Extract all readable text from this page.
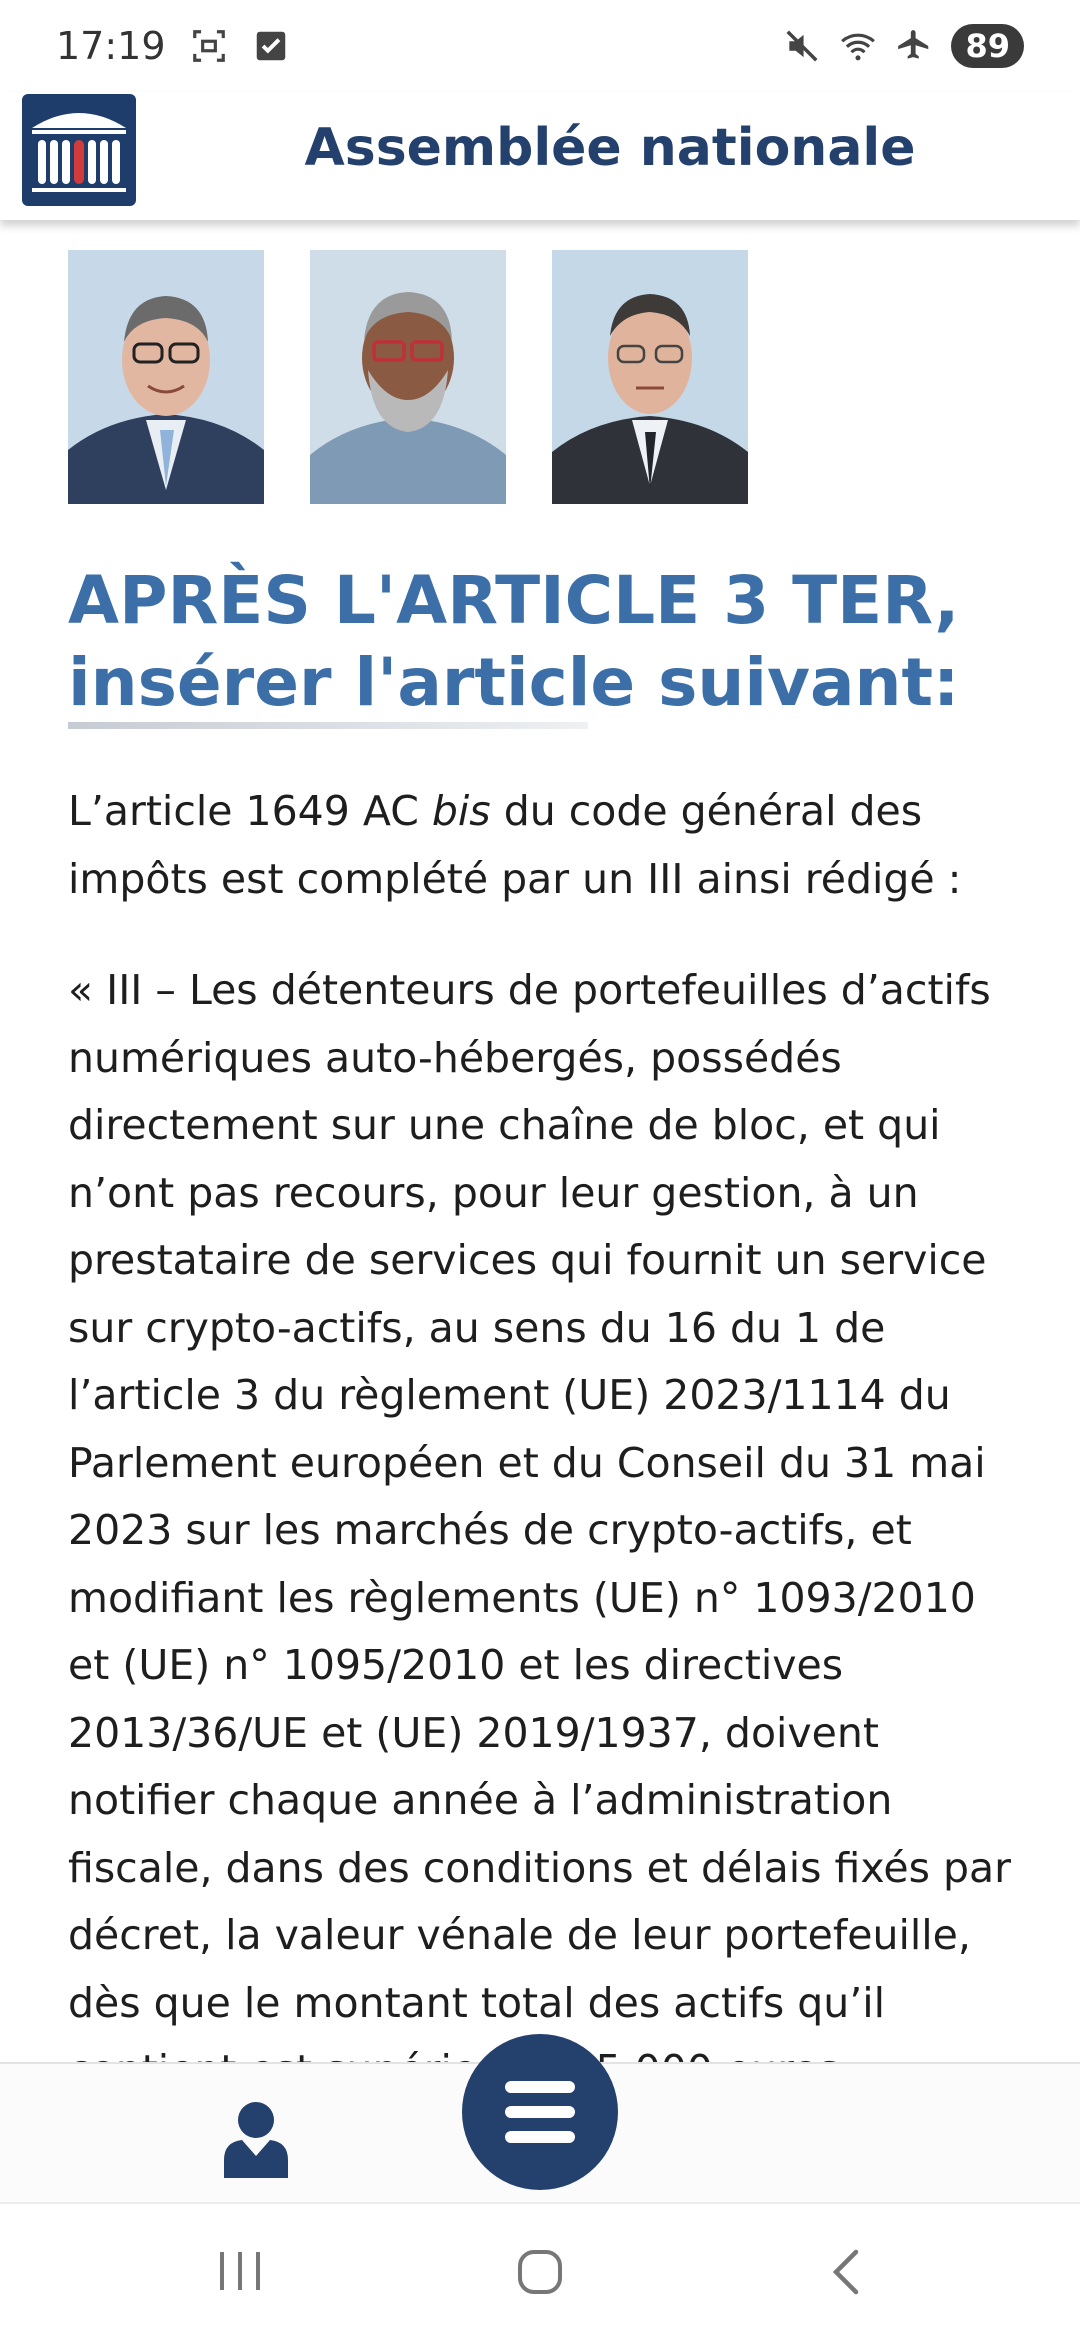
17:19	89
Assemblée nationale
APRÈS L'ARTICLE 3 TER,
insérer l'article suivant:

L’article 1649 AC bis du code général des impôts est complété par un III ainsi rédigé :

« III – Les détenteurs de portefeuilles d’actifs numériques auto-hébergés, possédés directement sur une chaîne de bloc, et qui n’ont pas recours, pour leur gestion, à un prestataire de services qui fournit un service sur crypto-actifs, au sens du 16 du 1 de l’article 3 du règlement (UE) 2023/1114 du Parlement européen et du Conseil du 31 mai 2023 sur les marchés de crypto-actifs, et modifiant les règlements (UE) n° 1093/2010 et (UE) n° 1095/2010 et les directives 2013/36/UE et (UE) 2019/1937, doivent notifier chaque année à l’administration fiscale, dans des conditions et délais fixés par décret, la valeur vénale de leur portefeuille, dès que le montant total des actifs qu’il
